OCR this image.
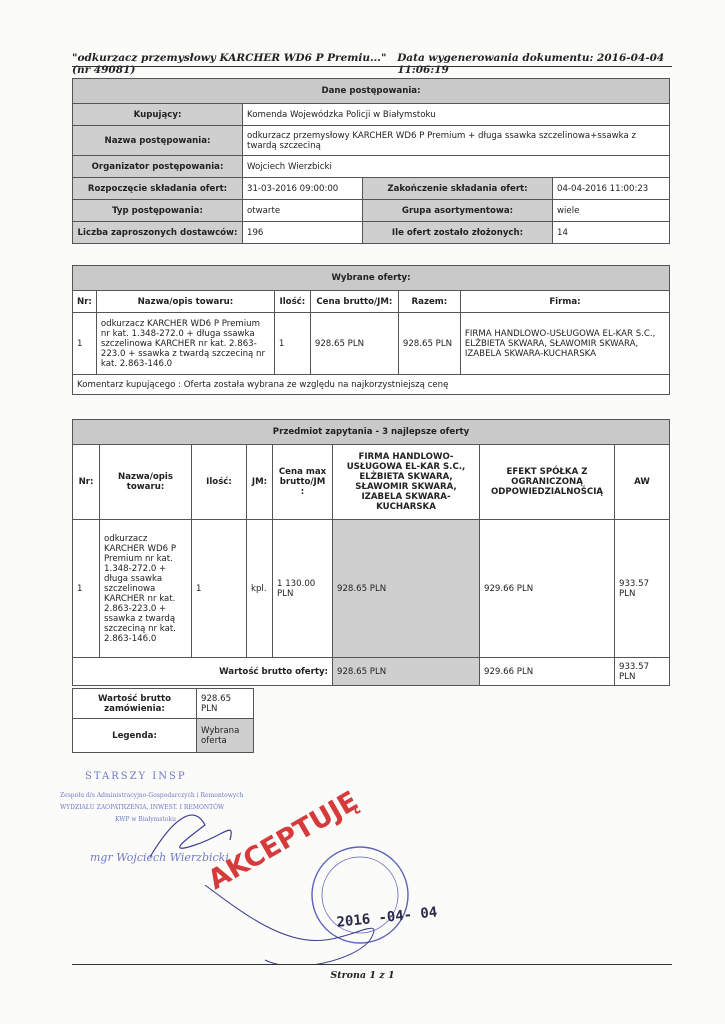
"odkurzacz przemysłowy KARCHER WD6 P Premiu..." (nr 49081)
Data wygenerowania dokumentu: 2016-04-04 11:06:19
Dane postępowania:			
Kupujący:	Komenda Wojewódzka Policji w Białymstoku		
Nazwa postępowania:	odkurzacz przemysłowy KARCHER WD6 P Premium + długa ssawka szczelinowa+ssawka z twardą szczeciną		
Organizator postępowania:	Wojciech Wierzbicki		
Rozpoczęcie składania ofert:	31-03-2016 09:00:00	Zakończenie składania ofert:	04-04-2016 11:00:23
Typ postępowania:	otwarte	Grupa asortymentowa:	wiele
Liczba zaproszonych dostawców:	196	Ile ofert zostało złożonych:	14
Wybrane oferty:					
Nr:	Nazwa/opis towaru:	Ilość:	Cena brutto/JM:	Razem:	Firma:
1	odkurzacz KARCHER WD6 P Premium nr kat. 1.348-272.0 + długa ssawka szczelinowa KARCHER nr kat. 2.863-223.0 + ssawka z twardą szczeciną nr kat. 2.863-146.0	1	928.65 PLN	928.65 PLN	FIRMA HANDLOWO-USŁUGOWA EL-KAR S.C., ELŻBIETA SKWARA, SŁAWOMIR SKWARA, IZABELA SKWARA-KUCHARSKA
Komentarz kupującego : Oferta została wybrana ze względu na najkorzystniejszą cenę					
Przedmiot zapytania - 3 najlepsze oferty							
Nr:	Nazwa/opis towaru:	Ilość:	JM:	Cena max brutto/JM :	FIRMA HANDLOWO-USŁUGOWA EL-KAR S.C., ELŻBIETA SKWARA, SŁAWOMIR SKWARA, IZABELA SKWARA-KUCHARSKA	EFEKT SPÓŁKA Z OGRANICZONĄ ODPOWIEDZIALNOŚCIĄ	AW
1	odkurzacz KARCHER WD6 P Premium nr kat. 1.348-272.0 + długa ssawka szczelinowa KARCHER nr kat. 2.863-223.0 + ssawka z twardą szczeciną nr kat. 2.863-146.0	1	kpl.	1 130.00 PLN	928.65 PLN	929.66 PLN	933.57 PLN
Wartość brutto oferty:					928.65 PLN	929.66 PLN	933.57 PLN
Wartość brutto zamówienia:	928.65 PLN
Legenda:	Wybrana oferta
STARSZY INSP
Zespołu d/s Administracyjno-Gospodarczych i Remontowych
WYDZIAŁU ZAOPATRZENIA, INWEST. I REMONTÓW
KWP w Białymstoku
mgr Wojciech Wierzbicki
AKCEPTUJĘ
2016 -04- 04
Strona 1 z 1
